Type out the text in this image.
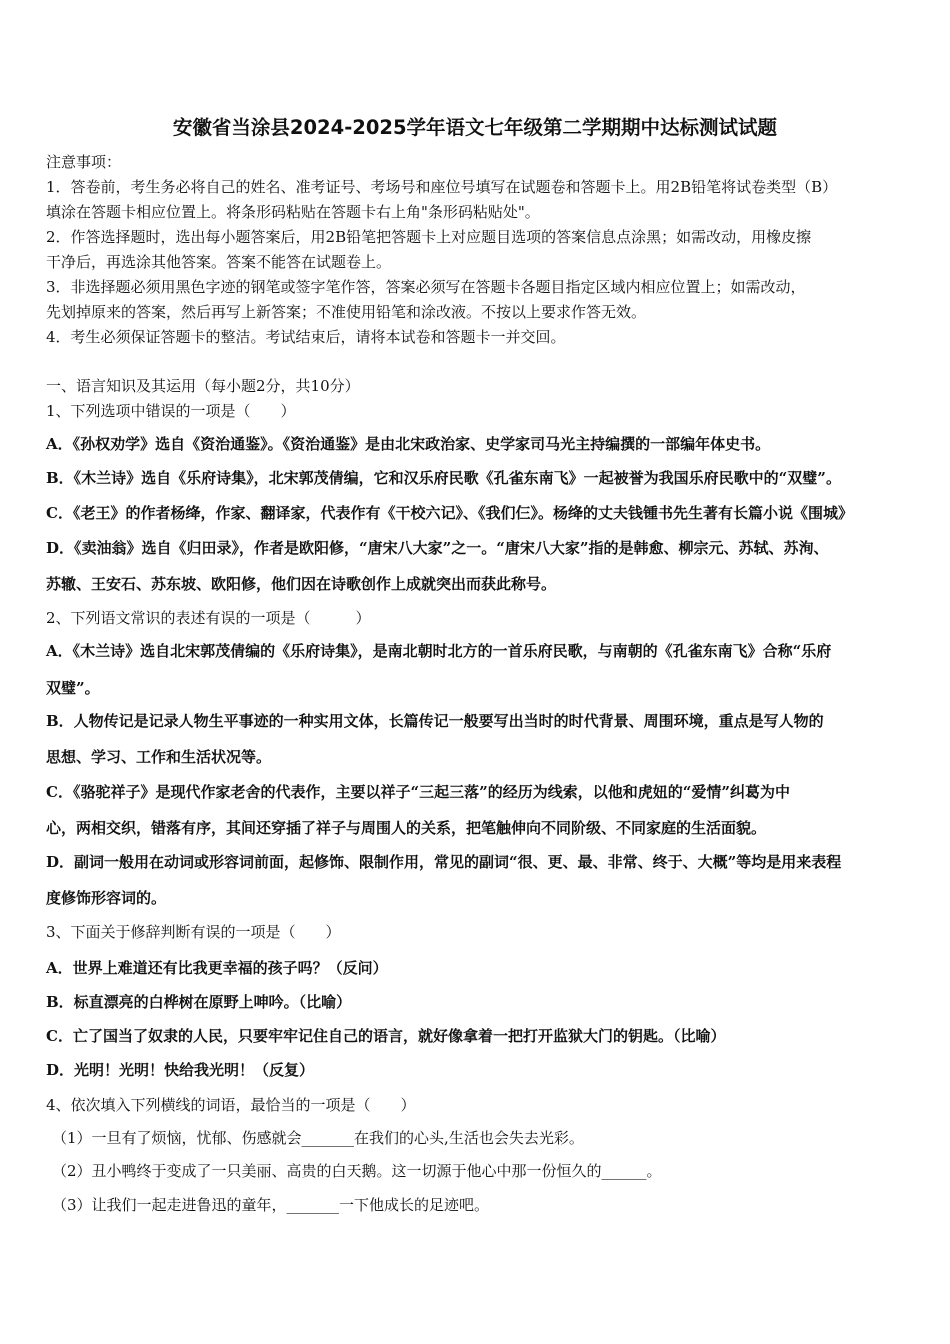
安徽省当涂县2024-2025学年语文七年级第二学期期中达标测试试题
注意事项：
1．答卷前，考生务必将自己的姓名、准考证号、考场号和座位号填写在试题卷和答题卡上。用2B铅笔将试卷类型（B）
填涂在答题卡相应位置上。将条形码粘贴在答题卡右上角"条形码粘贴处"。
2．作答选择题时，选出每小题答案后，用2B铅笔把答题卡上对应题目选项的答案信息点涂黑；如需改动，用橡皮擦
干净后，再选涂其他答案。答案不能答在试题卷上。
3．非选择题必须用黑色字迹的钢笔或签字笔作答，答案必须写在答题卡各题目指定区域内相应位置上；如需改动，
先划掉原来的答案，然后再写上新答案；不准使用铅笔和涂改液。不按以上要求作答无效。
4．考生必须保证答题卡的整洁。考试结束后，请将本试卷和答题卡一并交回。
一、语言知识及其运用（每小题2分，共10分）
1、下列选项中错误的一项是（　　）
A．《孙权劝学》选自《资治通鉴》。《资治通鉴》是由北宋政治家、史学家司马光主持编撰的一部编年体史书。
B．《木兰诗》选自《乐府诗集》，北宋郭茂倩编，它和汉乐府民歌《孔雀东南飞》一起被誉为我国乐府民歌中的“双璧”。
C．《老王》的作者杨绛，作家、翻译家，代表作有《干校六记》、《我们仨》。杨绛的丈夫钱锺书先生著有长篇小说《围城》
D．《卖油翁》选自《归田录》，作者是欧阳修，“唐宋八大家”之一。“唐宋八大家”指的是韩愈、柳宗元、苏轼、苏洵、
苏辙、王安石、苏东坡、欧阳修，他们因在诗歌创作上成就突出而获此称号。
2、下列语文常识的表述有误的一项是（　　　）
A．《木兰诗》选自北宋郭茂倩编的《乐府诗集》，是南北朝时北方的一首乐府民歌，与南朝的《孔雀东南飞》合称“乐府
双璧”。
B．人物传记是记录人物生平事迹的一种实用文体，长篇传记一般要写出当时的时代背景、周围环境，重点是写人物的
思想、学习、工作和生活状况等。
C．《骆驼祥子》是现代作家老舍的代表作，主要以祥子“三起三落”的经历为线索，以他和虎妞的“爱情”纠葛为中
心，两相交织，错落有序，其间还穿插了祥子与周围人的关系，把笔触伸向不同阶级、不同家庭的生活面貌。
D．副词一般用在动词或形容词前面，起修饰、限制作用，常见的副词“很、更、最、非常、终于、大概”等均是用来表程
度修饰形容词的。
3、下面关于修辞判断有误的一项是（　　）
A．世界上难道还有比我更幸福的孩子吗？（反问）
B．标直漂亮的白桦树在原野上呻吟。（比喻）
C．亡了国当了奴隶的人民，只要牢牢记住自己的语言，就好像拿着一把打开监狱大门的钥匙。（比喻）
D．光明！光明！快给我光明！（反复）
4、依次填入下列横线的词语，最恰当的一项是（　　）
（1）一旦有了烦恼，忧郁、伤感就会_______在我们的心头,生活也会失去光彩。
（2）丑小鸭终于变成了一只美丽、高贵的白天鹅。这一切源于他心中那一份恒久的______。
（3）让我们一起走进鲁迅的童年，_______一下他成长的足迹吧。
